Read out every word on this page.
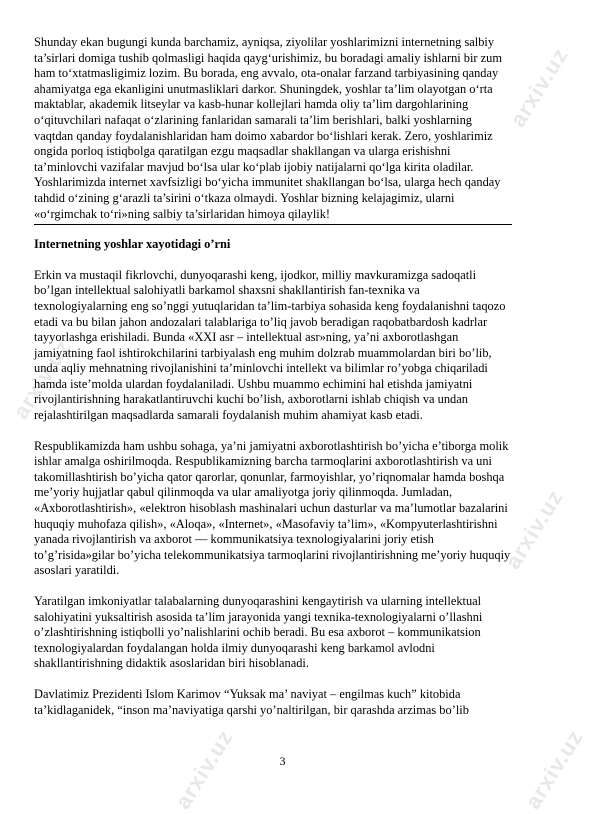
arxiv.uz
arxiv.uz
arxiv.uz
arxiv.uz	arxiv.uz

Shunday ekan bugungi kunda barchamiz, ayniqsa, ziyolilar yoshlarimizni internetning salbiy ta’sirlari domiga tushib qolmasligi haqida qayg‘urishimiz, bu boradagi amaliy ishlarni bir zum ham to‘xtatmasligimiz lozim. Bu borada, eng avvalo, ota-onalar farzand tarbiyasining qanday ahamiyatga ega ekanligini unutmasliklari darkor. Shuningdek, yoshlar ta’lim olayotgan o‘rta maktablar, akademik litseylar va kasb-hunar kollejlari hamda oliy ta’lim dargohlarining o‘qituvchilari nafaqat o‘zlarining fanlaridan samarali ta’lim berishlari, balki yoshlarning vaqtdan qanday foydalanishlaridan ham doimo xabardor bo‘lishlari kerak. Zero, yoshlarimiz ongida porloq istiqbolga qaratilgan ezgu maqsadlar shakllangan va ularga erishishni ta’minlovchi vazifalar mavjud bo‘lsa ular ko‘plab ijobiy natijalarni qo‘lga kirita oladilar. Yoshlarimizda internet xavfsizligi bo‘yicha immunitet shakllangan bo‘lsa, ularga hech qanday tahdid o‘zining g‘arazli ta’sirini o‘tkaza olmaydi. Yoshlar bizning kelajagimiz, ularni «o‘rgimchak to‘ri»ning salbiy ta’sirlaridan himoya qilaylik!

Internetning yoshlar xayotidagi o’rni

Erkin va mustaqil fikrlovchi, dunyoqarashi keng, ijodkor, milliy mavkuramizga sadoqatli bo’lgan intellektual salohiyatli barkamol shaxsni shakllantirish fan-texnika va texnologiyalarning eng so’nggi yutuqlaridan ta’lim-tarbiya sohasida keng foydalanishni taqozo etadi va bu bilan jahon andozalari talablariga to’liq javob beradigan raqobatbardosh kadrlar tayyorlashga erishiladi. Bunda «XXI asr – intellektual asr»ning, ya’ni axborotlashgan jamiyatning faol ishtirokchilarini tarbiyalash eng muhim dolzrab muammolardan biri bo’lib, unda aqliy mehnatning rivojlanishini ta’minlovchi intellekt va bilimlar ro’yobga chiqariladi hamda iste’molda ulardan foydalaniladi. Ushbu muammo echimini hal etishda jamiyatni rivojlantirishning harakatlantiruvchi kuchi bo’lish, axborotlarni ishlab chiqish va undan rejalashtirilgan maqsadlarda samarali foydalanish muhim ahamiyat kasb etadi.

Respublikamizda ham ushbu sohaga, ya’ni jamiyatni axborotlashtirish bo’yicha e’tiborga molik ishlar amalga oshirilmoqda. Respublikamizning barcha tarmoqlarini axborotlashtirish va uni takomillashtirish bo’yicha qator qarorlar, qonunlar, farmoyishlar, yo’riqnomalar hamda boshqa me’yoriy hujjatlar qabul qilinmoqda va ular amaliyotga joriy qilinmoqda. Jumladan, «Axborotlashtirish», «elektron hisoblash mashinalari uchun dasturlar va ma’lumotlar bazalarini huquqiy muhofaza qilish», «Aloqa», «Internet», «Masofaviy ta’lim», «Kompyuterlashtirishni yanada rivojlantirish va axborot — kommunikatsiya texnologiyalarini joriy etish to’g’risida»gilar bo’yicha telekommunikatsiya tarmoqlarini rivojlantirishning me’yoriy huquqiy asoslari yaratildi.

Yaratilgan imkoniyatlar talabalarning dunyoqarashini kengaytirish va ularning intellektual salohiyatini yuksaltirish asosida ta’lim jarayonida yangi texnika-texnologiyalarni o’llashni o’zlashtirishning istiqbolli yo’nalishlarini ochib beradi. Bu esa axborot – kommunikatsion texnologiyalardan foydalangan holda ilmiy dunyoqarashi keng barkamol avlodni shakllantirishning didaktik asoslaridan biri hisoblanadi.

Davlatimiz Prezidenti Islom Karimov “Yuksak ma’ naviyat – engilmas kuch” kitobida ta’kidlaganidek, “inson ma’naviyatiga qarshi yo’naltirilgan, bir qarashda arzimas bo’lib

3
